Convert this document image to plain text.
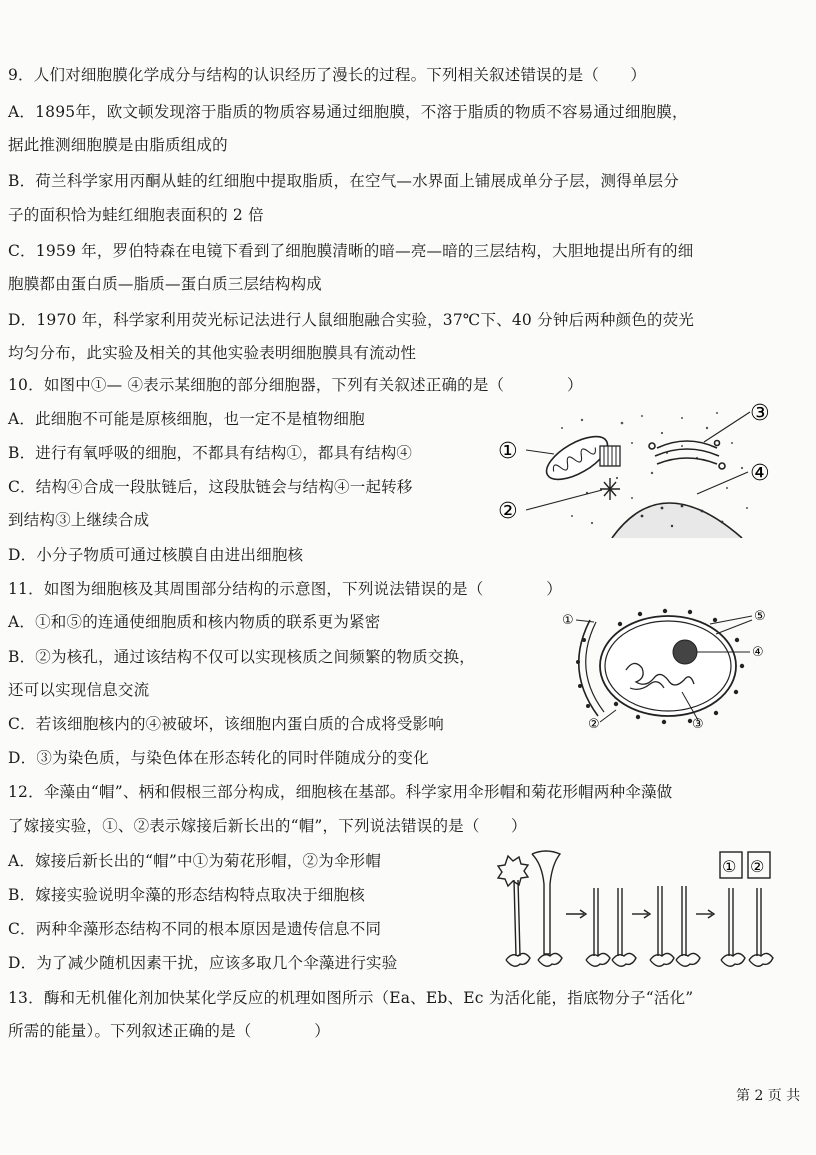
9．人们对细胞膜化学成分与结构的认识经历了漫长的过程。下列相关叙述错误的是（　　）
A．1895年，欧文顿发现溶于脂质的物质容易通过细胞膜，不溶于脂质的物质不容易通过细胞膜，
据此推测细胞膜是由脂质组成的
B．荷兰科学家用丙酮从蛙的红细胞中提取脂质，在空气—水界面上铺展成单分子层，测得单层分
子的面积恰为蛙红细胞表面积的 2 倍
C．1959 年，罗伯特森在电镜下看到了细胞膜清晰的暗—亮—暗的三层结构，大胆地提出所有的细
胞膜都由蛋白质—脂质—蛋白质三层结构构成
D．1970 年，科学家利用荧光标记法进行人鼠细胞融合实验，37℃下、40 分钟后两种颜色的荧光
均匀分布，此实验及相关的其他实验表明细胞膜具有流动性
10．如图中①— ④表示某细胞的部分细胞器，下列有关叙述正确的是（　　　　）
A．此细胞不可能是原核细胞，也一定不是植物细胞
B．进行有氧呼吸的细胞，不都具有结构①，都具有结构④
C．结构④合成一段肽链后，这段肽链会与结构④一起转移
到结构③上继续合成
D．小分子物质可通过核膜自由进出细胞核
①
②
③
④
11．如图为细胞核及其周围部分结构的示意图，下列说法错误的是（　　　　）
A．①和⑤的连通使细胞质和核内物质的联系更为紧密
B．②为核孔，通过该结构不仅可以实现核质之间频繁的物质交换，
还可以实现信息交流
C．若该细胞核内的④被破坏，该细胞内蛋白质的合成将受影响
D．③为染色质，与染色体在形态转化的同时伴随成分的变化
①
②	③
④
⑤
12．伞藻由“帽”、柄和假根三部分构成，细胞核在基部。科学家用伞形帽和菊花形帽两种伞藻做
了嫁接实验，①、②表示嫁接后新长出的“帽”，下列说法错误的是（　　）
A．嫁接后新长出的“帽”中①为菊花形帽，②为伞形帽
B．嫁接实验说明伞藻的形态结构特点取决于细胞核
C．两种伞藻形态结构不同的根本原因是遗传信息不同
D．为了减少随机因素干扰，应该多取几个伞藻进行实验
① ②
13．酶和无机催化剂加快某化学反应的机理如图所示（Ea、Eb、Ec 为活化能，指底物分子“活化”
所需的能量）。下列叙述正确的是（　　　　）
第 2 页 共
